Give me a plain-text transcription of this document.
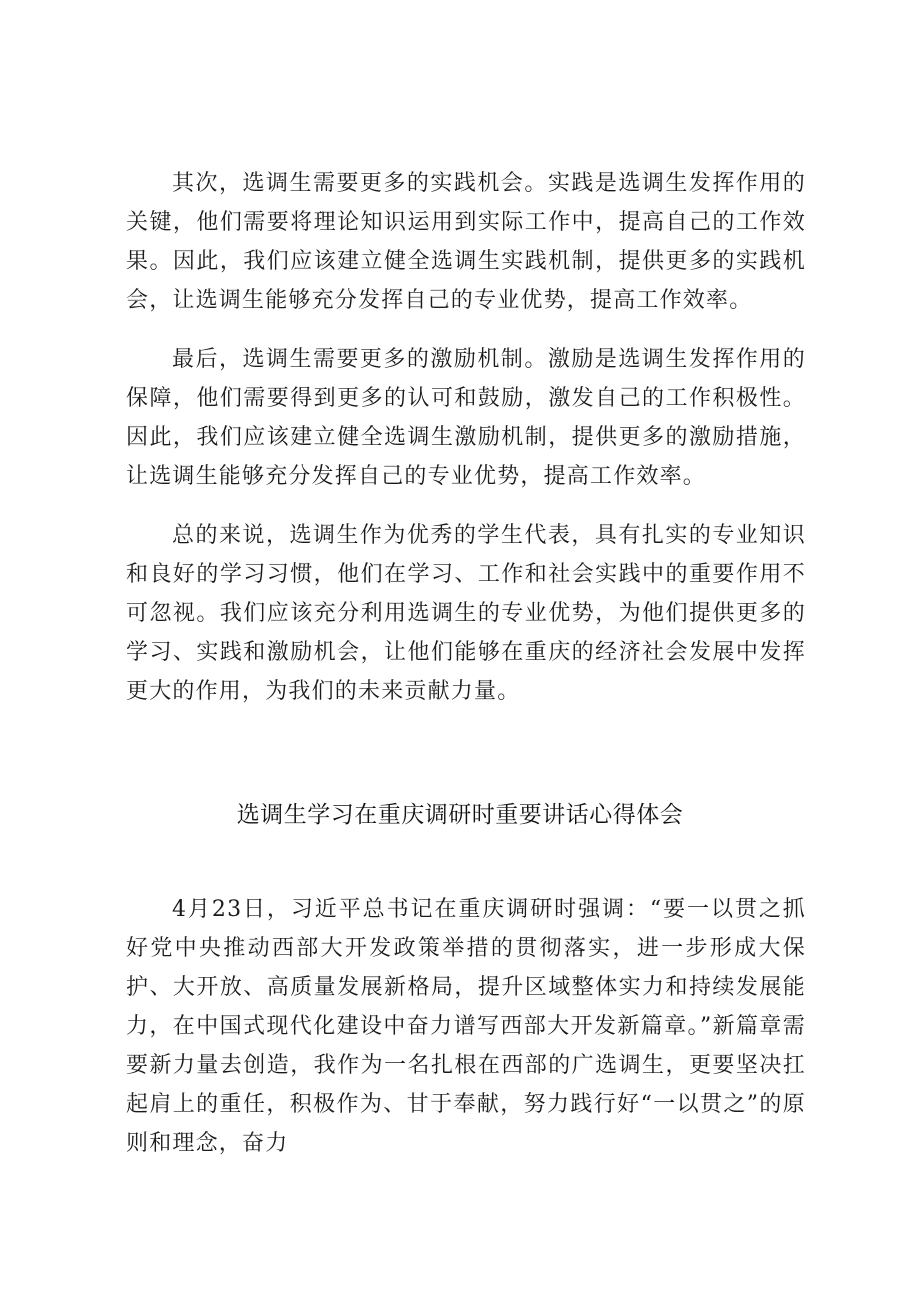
其次，选调生需要更多的实践机会。实践是选调生发挥作用的关键，他们需要将理论知识运用到实际工作中，提高自己的工作效果。因此，我们应该建立健全选调生实践机制，提供更多的实践机会，让选调生能够充分发挥自己的专业优势，提高工作效率。

最后，选调生需要更多的激励机制。激励是选调生发挥作用的保障，他们需要得到更多的认可和鼓励，激发自己的工作积极性。因此，我们应该建立健全选调生激励机制，提供更多的激励措施，让选调生能够充分发挥自己的专业优势，提高工作效率。

总的来说，选调生作为优秀的学生代表，具有扎实的专业知识和良好的学习习惯，他们在学习、工作和社会实践中的重要作用不可忽视。我们应该充分利用选调生的专业优势，为他们提供更多的学习、实践和激励机会，让他们能够在重庆的经济社会发展中发挥更大的作用，为我们的未来贡献力量。

选调生学习在重庆调研时重要讲话心得体会

4月23日，习近平总书记在重庆调研时强调：“要一以贯之抓好党中央推动西部大开发政策举措的贯彻落实，进一步形成大保护、大开放、高质量发展新格局，提升区域整体实力和持续发展能力，在中国式现代化建设中奋力谱写西部大开发新篇章。”新篇章需要新力量去创造，我作为一名扎根在西部的广选调生，更要坚决扛起肩上的重任，积极作为、甘于奉献，努力践行好“一以贯之”的原则和理念，奋力
